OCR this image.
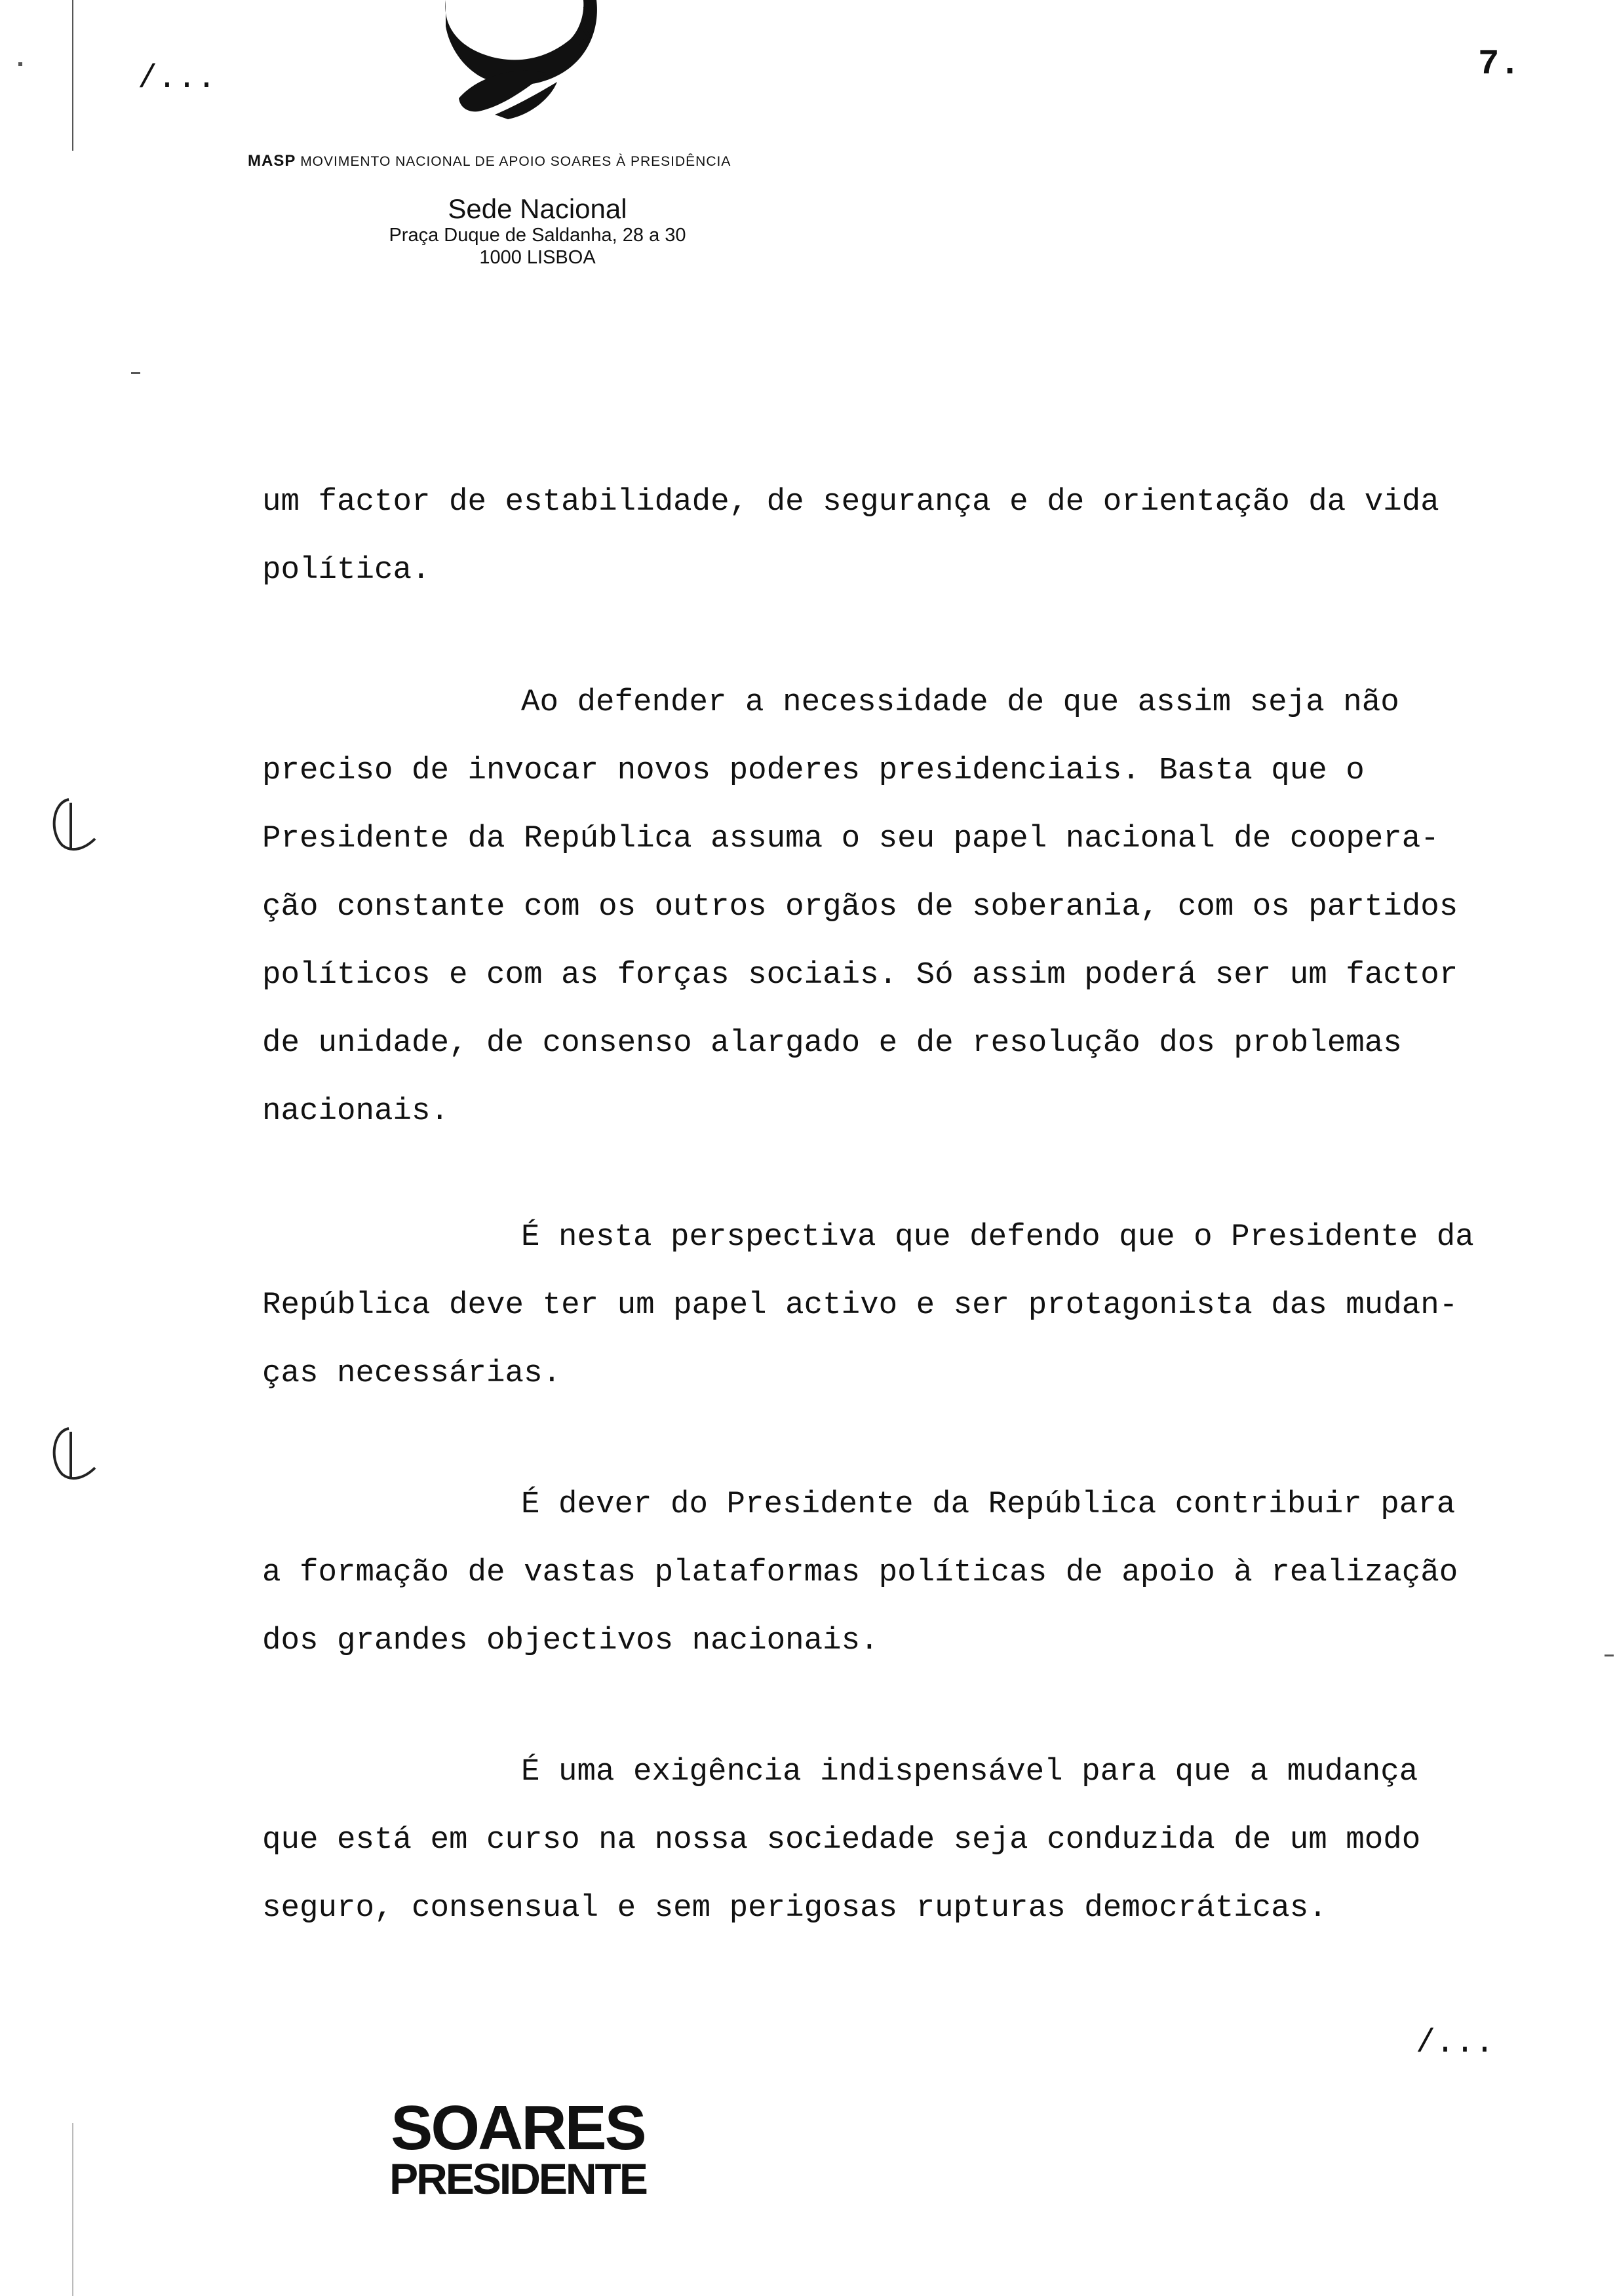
/...	7.
MASP MOVIMENTO NACIONAL DE APOIO SOARES À PRESIDÊNCIA
Sede Nacional
Praça Duque de Saldanha, 28 a 30
1000 LISBOA

um factor de estabilidade, de segurança e de orientação da vida

política.

Ao defender a necessidade de que assim seja não

preciso de invocar novos poderes presidenciais. Basta que o

Presidente da República assuma o seu papel nacional de coopera-

ção constante com os outros orgãos de soberania, com os partidos

políticos e com as forças sociais. Só assim poderá ser um factor

de unidade, de consenso alargado e de resolução dos problemas

nacionais.

É nesta perspectiva que defendo que o Presidente da

República deve ter um papel activo e ser protagonista das mudan-

ças necessárias.

É dever do Presidente da República contribuir para

a formação de vastas plataformas políticas de apoio à realização

dos grandes objectivos nacionais.

É uma exigência indispensável para que a mudança

que está em curso na nossa sociedade seja conduzida de um modo

seguro, consensual e sem perigosas rupturas democráticas.

/...
SOARES
PRESIDENTE
